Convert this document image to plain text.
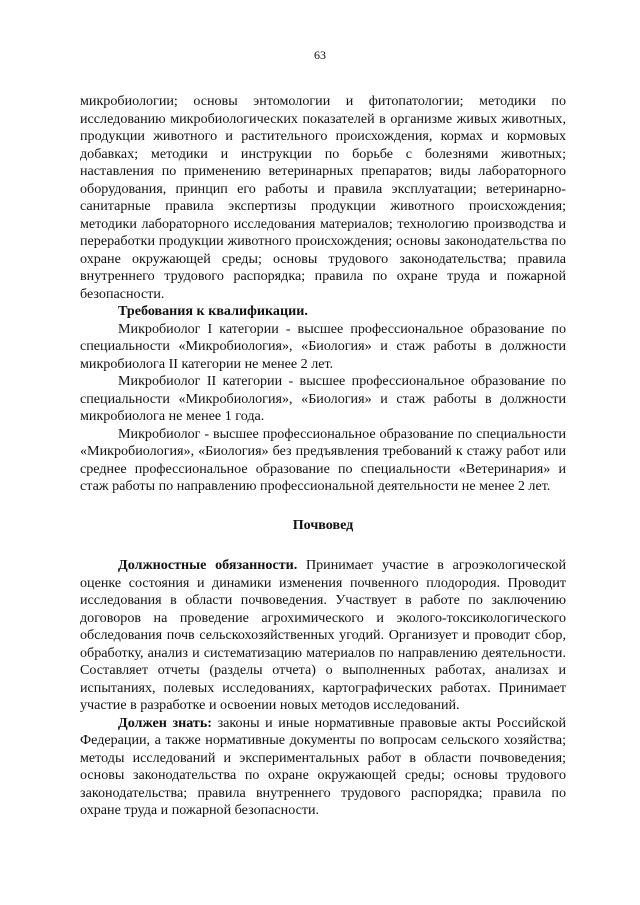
63

микробиологии; основы энтомологии и фитопатологии; методики по исследованию микробиологических показателей в организме живых животных, продукции животного и растительного происхождения, кормах и кормовых добавках; методики и инструкции по борьбе с болезнями животных; наставления по применению ветеринарных препаратов; виды лабораторного оборудования, принцип его работы и правила эксплуатации; ветеринарно-санитарные правила экспертизы продукции животного происхождения; методики лабораторного исследования материалов; технологию производства и переработки продукции животного происхождения; основы законодательства по охране окружающей среды; основы трудового законодательства; правила внутреннего трудового распорядка; правила по охране труда и пожарной безопасности.

Требования к квалификации.

Микробиолог I категории - высшее профессиональное образование по специальности «Микробиология», «Биология» и стаж работы в должности микробиолога II категории не менее 2 лет.

Микробиолог II категории - высшее профессиональное образование по специальности «Микробиология», «Биология» и стаж работы в должности микробиолога не менее 1 года.

Микробиолог - высшее профессиональное образование по специальности «Микробиология», «Биология» без предъявления требований к стажу работ или среднее профессиональное образование по специальности «Ветеринария» и стаж работы по направлению профессиональной деятельности не менее 2 лет.

Почвовед

Должностные обязанности. Принимает участие в агроэкологической оценке состояния и динамики изменения почвенного плодородия. Проводит исследования в области почвоведения. Участвует в работе по заключению договоров на проведение агрохимического и эколого-токсикологического обследования почв сельскохозяйственных угодий. Организует и проводит сбор, обработку, анализ и систематизацию материалов по направлению деятельности. Составляет отчеты (разделы отчета) о выполненных работах, анализах и испытаниях, полевых исследованиях, картографических работах. Принимает участие в разработке и освоении новых методов исследований.

Должен знать: законы и иные нормативные правовые акты Российской Федерации, а также нормативные документы по вопросам сельского хозяйства; методы исследований и экспериментальных работ в области почвоведения; основы законодательства по охране окружающей среды; основы трудового законодательства; правила внутреннего трудового распорядка; правила по охране труда и пожарной безопасности.
